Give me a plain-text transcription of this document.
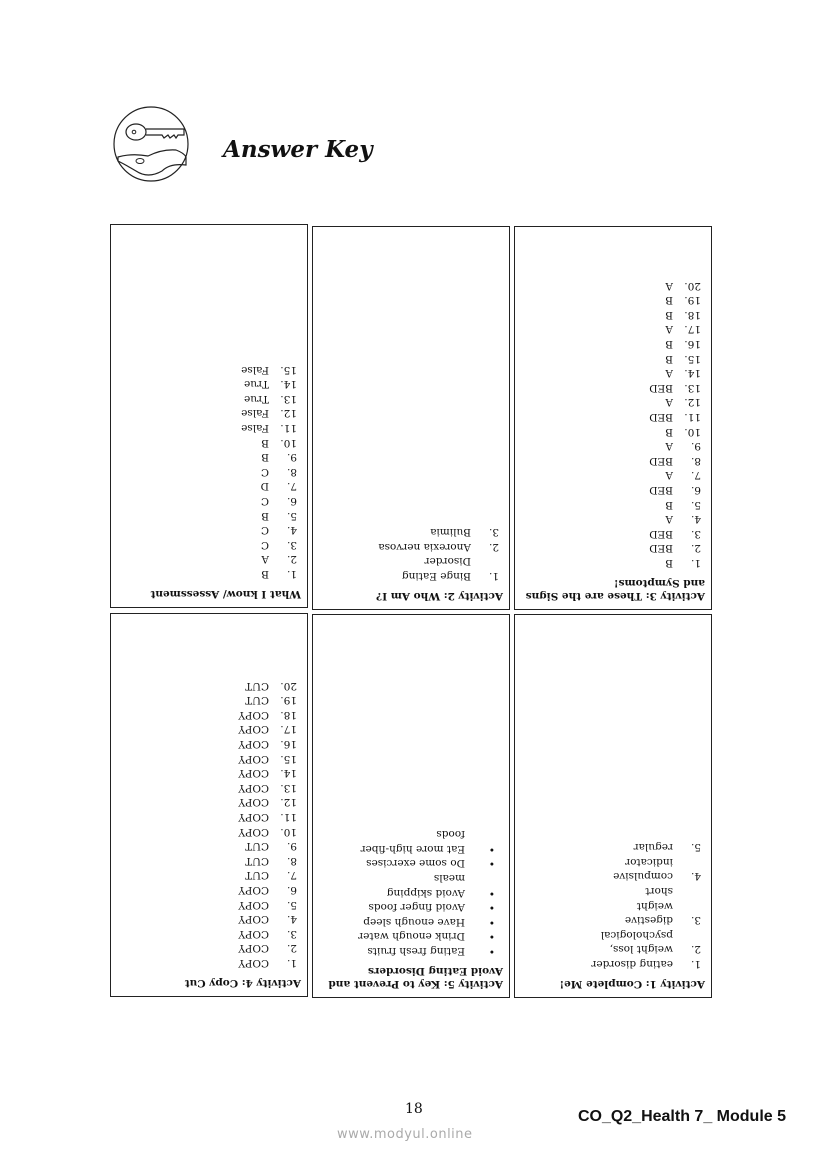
Answer Key
What I know/ Assessment
1.
B
2.
A
3.
C
4.
C
5.
B
6.
C
7.
D
8.
C
9.
B
10.
B
11.
False
12.
False
13.
True
14.
True
15.
False
Activity 2: Who Am I?
1.
Binge Eating
Disorder
2.
Anorexia nervosa
3.
Bulimia
Activity 3: These are the Signs and Symptoms!
1.
B
2.
BED
3.
BED
4.
A
5.
B
6.
BED
7.
A
8.
BED
9.
A
10.
B
11.
BED
12.
A
13.
BED
14.
A
15.
B
16.
B
17.
A
18.
B
19.
B
20.
A
Activity 4: Copy Cut
1.
COPY
2.
COPY
3.
COPY
4.
COPY
5.
COPY
6.
COPY
7.
CUT
8.
CUT
9.
CUT
10.
COPY
11.
COPY
12.
COPY
13.
COPY
14.
COPY
15.
COPY
16.
COPY
17.
COPY
18.
COPY
19.
CUT
20.
CUT
Activity 5: Key to Prevent and Avoid Eating Disorders
•
Eating fresh fruits
•
Drink enough water
•
Have enough sleep
•
Avoid finger foods
•
Avoid skipping
meals
•
Do some exercises
•
Eat more high-fiber
foods
Activity 1: Complete Me!
1.
eating disorder
2.
weight loss,
psychological
3.
digestive
weight
short
4.
compulsive
indicator
5.
regular
18	CO_Q2_Health 7_ Module 5
www.modyul.online
